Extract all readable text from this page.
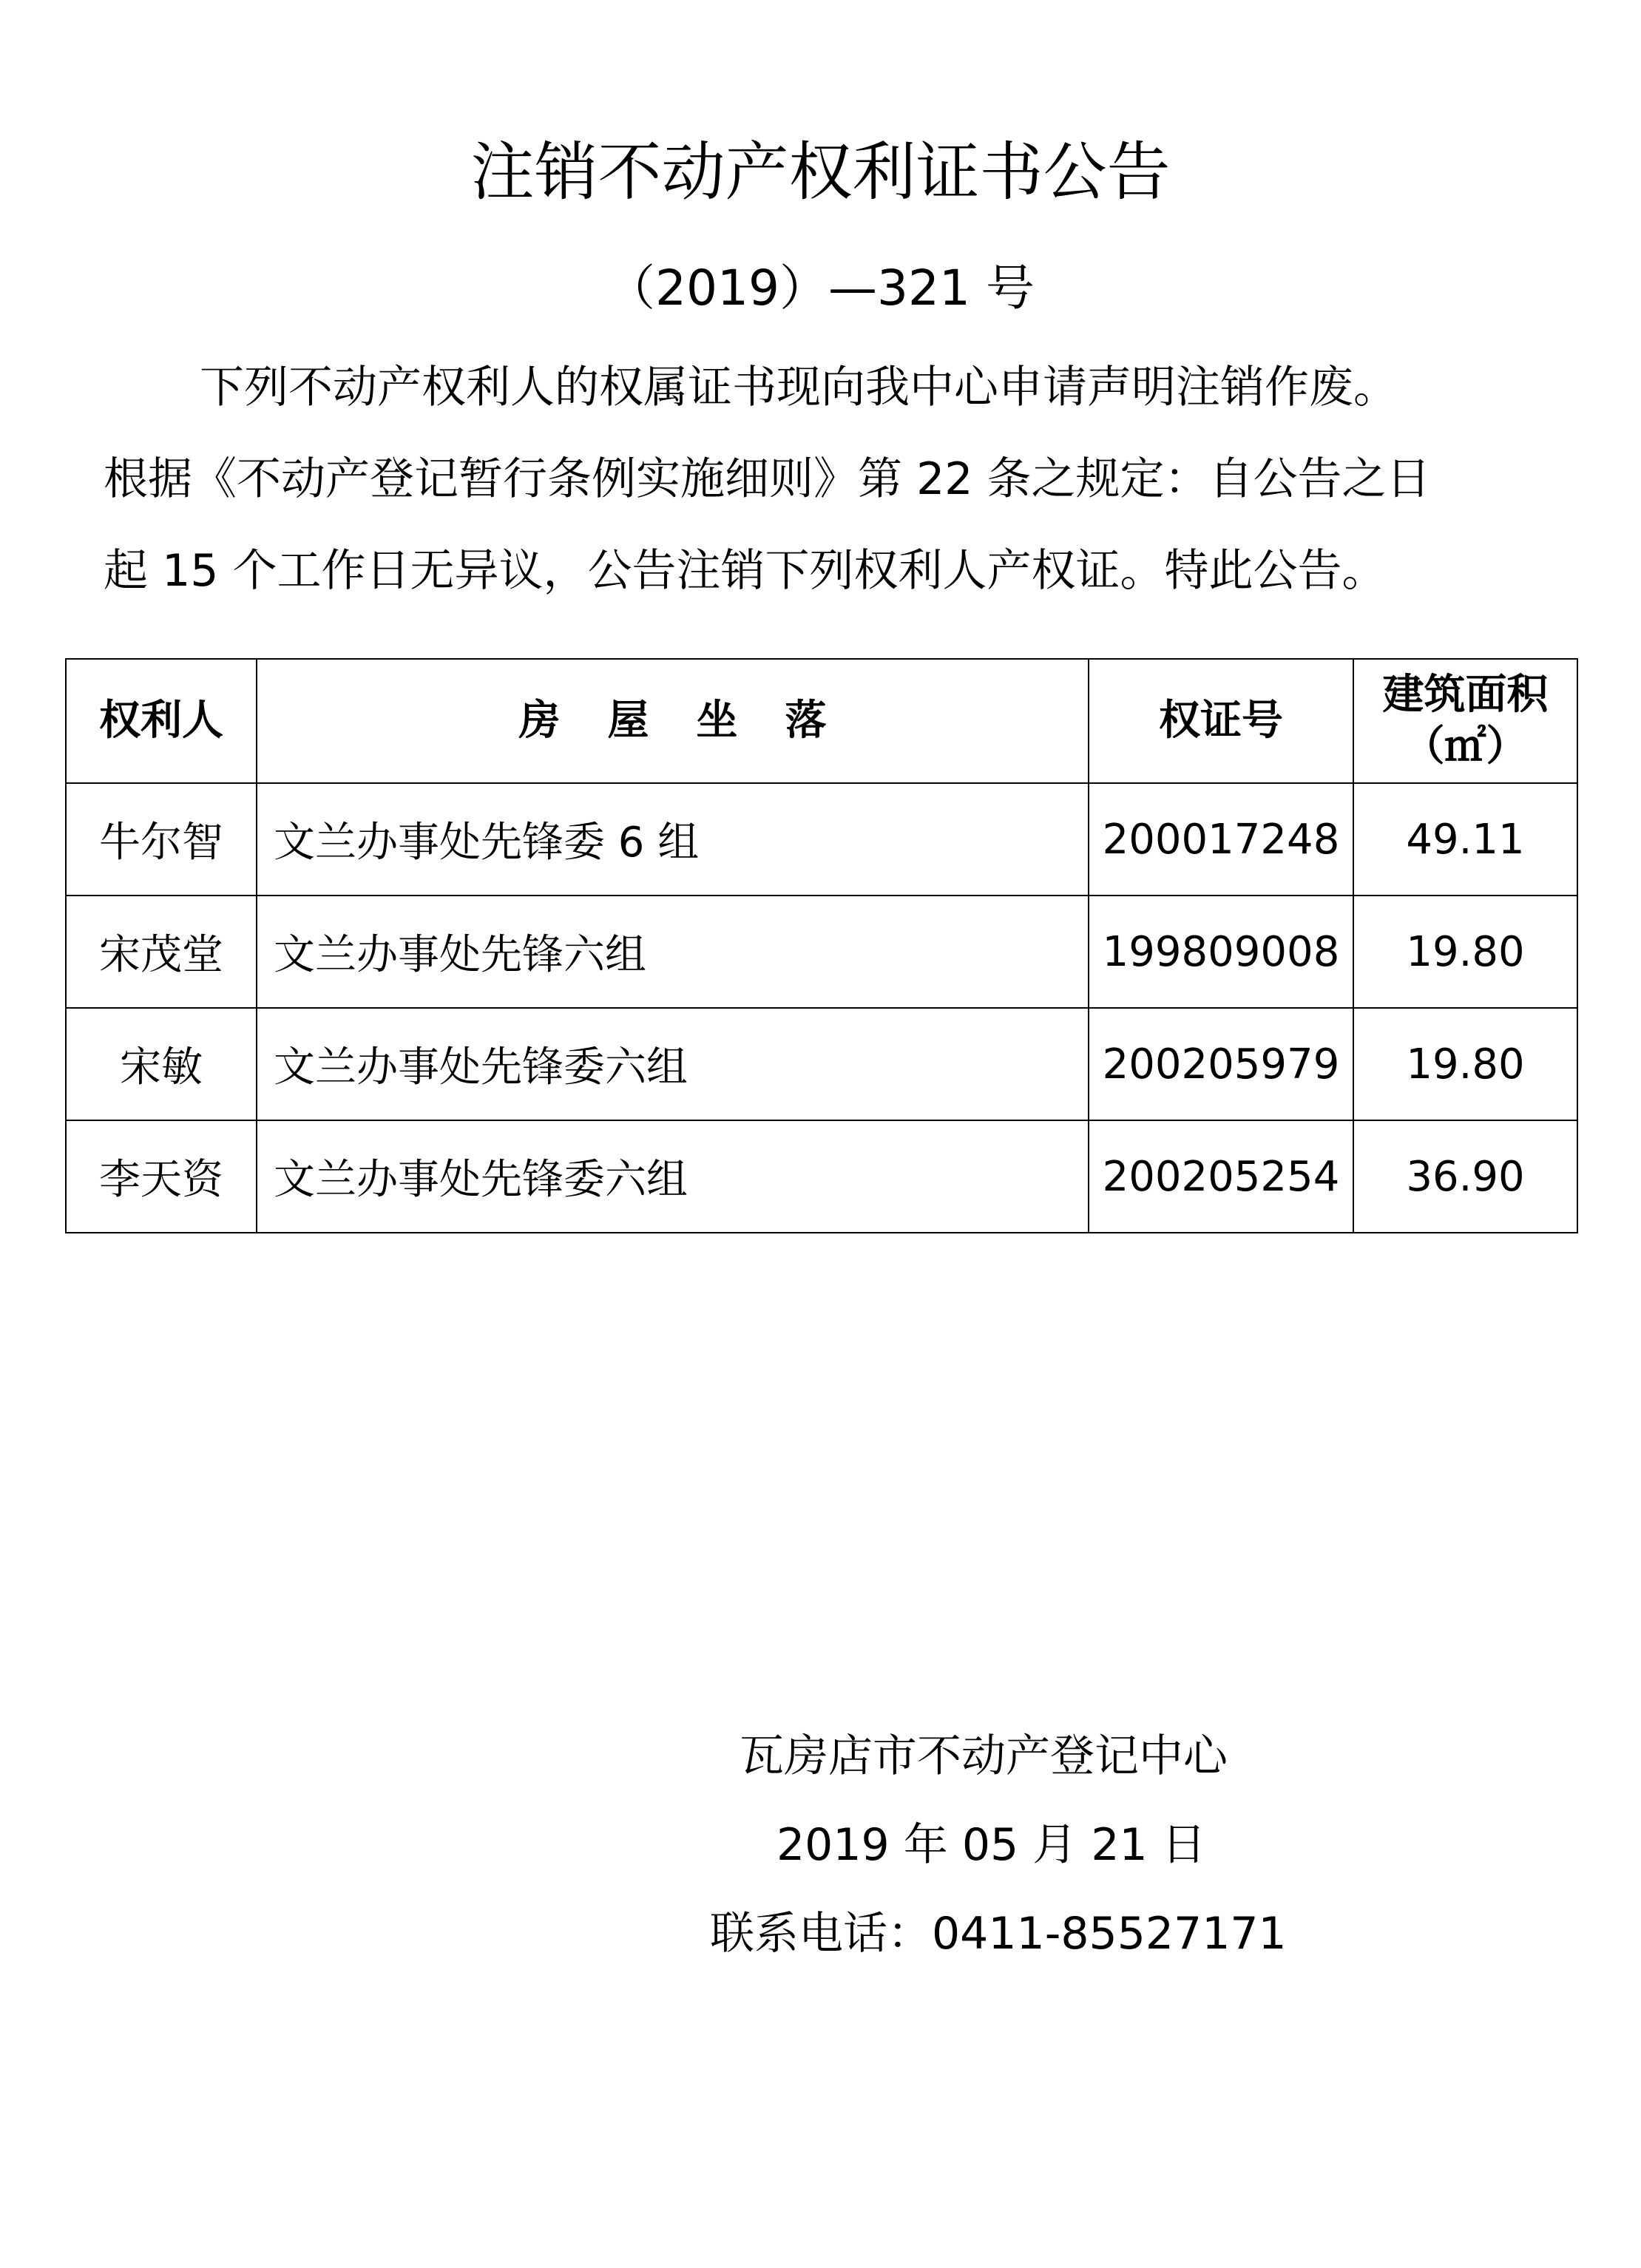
注销不动产权利证书公告
（2019）—321 号
下列不动产权利人的权属证书现向我中心申请声明注销作废。
根据《不动产登记暂行条例实施细则》第 22 条之规定：自公告之日
起 15 个工作日无异议，公告注销下列权利人产权证。特此公告。
权利人	房屋坐落	权证号	建筑面积
（㎡）

牛尔智	文兰办事处先锋委 6 组	200017248	49.11
宋茂堂	文兰办事处先锋六组	199809008	19.80
宋敏	文兰办事处先锋委六组	200205979	19.80
李天资	文兰办事处先锋委六组	200205254	36.90
瓦房店市不动产登记中心
2019 年 05 月 21 日
联系电话：0411-85527171
